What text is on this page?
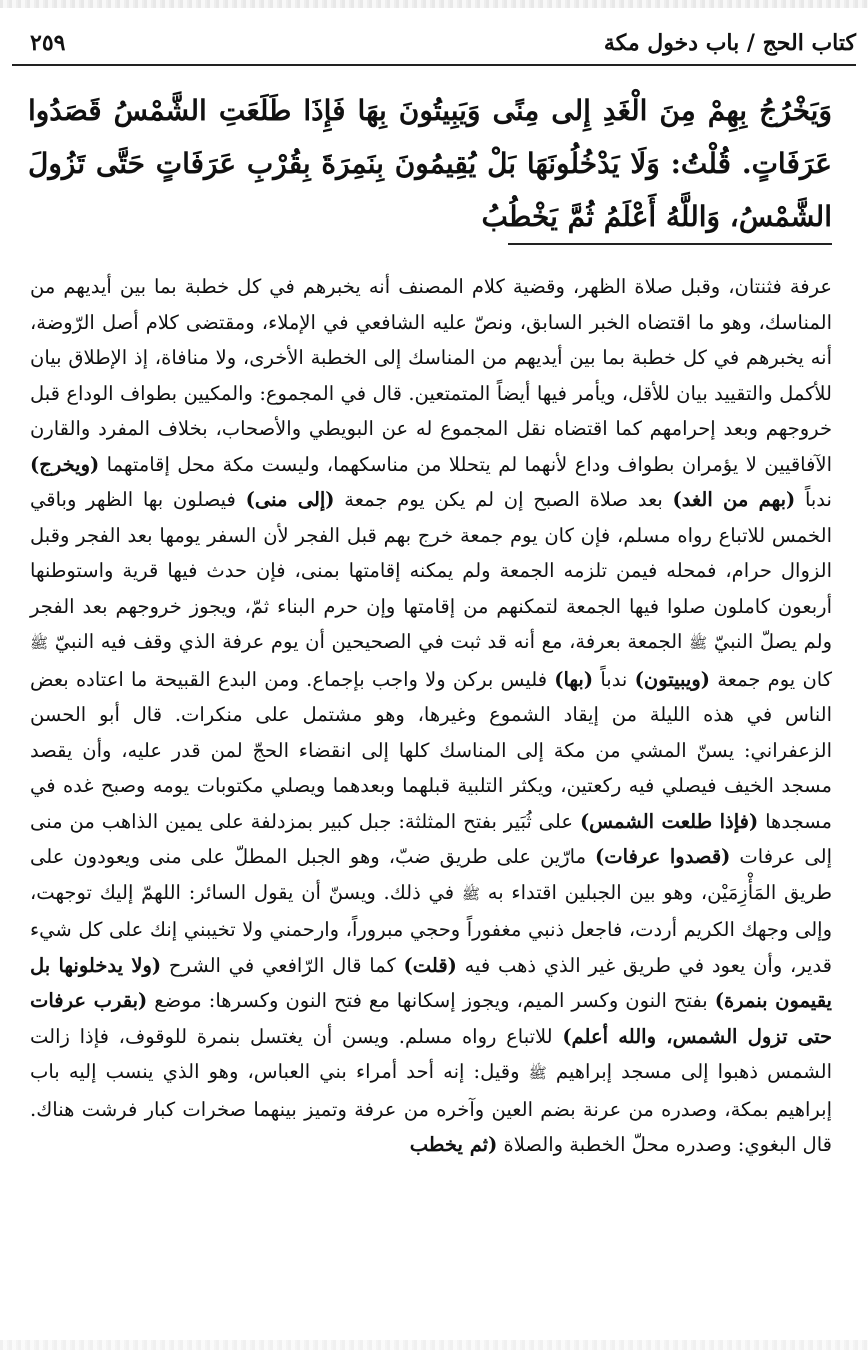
كتاب الحج / باب دخول مكة
٢٥٩
وَيَخْرُجُ بِهِمْ مِنَ الْغَدِ إِلى مِنًى وَيَبِيتُونَ بِهَا فَإِذَا طَلَعَتِ الشَّمْسُ قَصَدُوا عَرَفَاتٍ. قُلْتُ: وَلَا يَدْخُلُونَهَا بَلْ يُقِيمُونَ بِنَمِرَةَ بِقُرْبِ عَرَفَاتٍ حَتَّى تَزُولَ الشَّمْسُ، وَاللَّهُ أَعْلَمُ ثُمَّ يَخْطُبُ

عرفة فثنتان، وقبل صلاة الظهر، وقضية كلام المصنف أنه يخبرهم في كل خطبة بما بين أيديهم من المناسك، وهو ما اقتضاه الخبر السابق، ونصّ عليه الشافعي في الإملاء، ومقتضى كلام أصل الرّوضة، أنه يخبرهم في كل خطبة بما بين أيديهم من المناسك إلى الخطبة الأخرى، ولا منافاة، إذ الإطلاق بيان للأكمل والتقييد بيان للأقل، ويأمر فيها أيضاً المتمتعين. قال في المجموع: والمكيين بطواف الوداع قبل خروجهم وبعد إحرامهم كما اقتضاه نقل المجموع له عن البويطي والأصحاب، بخلاف المفرد والقارن الآفاقيين لا يؤمران بطواف وداع لأنهما لم يتحللا من مناسكهما، وليست مكة محل إقامتهما (ويخرج) ندباً (بهم من الغد) بعد صلاة الصبح إن لم يكن يوم جمعة (إلى منى) فيصلون بها الظهر وباقي الخمس للاتباع رواه مسلم، فإن كان يوم جمعة خرج بهم قبل الفجر لأن السفر يومها بعد الفجر وقبل الزوال حرام، فمحله فيمن تلزمه الجمعة ولم يمكنه إقامتها بمنى، فإن حدث فيها قرية واستوطنها أربعون كاملون صلوا فيها الجمعة لتمكنهم من إقامتها وإن حرم البناء ثمّ، ويجوز خروجهم بعد الفجر ولم يصلّ النبيّ ﷺ الجمعة بعرفة، مع أنه قد ثبت في الصحيحين أن يوم عرفة الذي وقف فيه النبيّ ﷺ كان يوم جمعة (ويبيتون) ندباً (بها) فليس بركن ولا واجب بإجماع. ومن البدع القبيحة ما اعتاده بعض الناس في هذه الليلة من إيقاد الشموع وغيرها، وهو مشتمل على منكرات. قال أبو الحسن الزعفراني: يسنّ المشي من مكة إلى المناسك كلها إلى انقضاء الحجّ لمن قدر عليه، وأن يقصد مسجد الخيف فيصلي فيه ركعتين، ويكثر التلبية قبلهما وبعدهما ويصلي مكتوبات يومه وصبح غده في مسجدها (فإذا طلعت الشمس) على ثُبَير بفتح المثلثة: جبل كبير بمزدلفة على يمين الذاهب من منى إلى عرفات (قصدوا عرفات) مارّين على طريق ضبّ، وهو الجبل المطلّ على منى ويعودون على طريق المَأْزِمَيْن، وهو بين الجبلين اقتداء به ﷺ في ذلك. ويسنّ أن يقول السائر: اللهمّ إليك توجهت، وإلى وجهك الكريم أردت، فاجعل ذنبي مغفوراً وحجي مبروراً، وارحمني ولا تخيبني إنك على كل شيء قدير، وأن يعود في طريق غير الذي ذهب فيه (قلت) كما قال الرّافعي في الشرح (ولا يدخلونها بل يقيمون بنمرة) بفتح النون وكسر الميم، ويجوز إسكانها مع فتح النون وكسرها: موضع (بقرب عرفات حتى تزول الشمس، والله أعلم) للاتباع رواه مسلم. ويسن أن يغتسل بنمرة للوقوف، فإذا زالت الشمس ذهبوا إلى مسجد إبراهيم ﷺ وقيل: إنه أحد أمراء بني العباس، وهو الذي ينسب إليه باب إبراهيم بمكة، وصدره من عرنة بضم العين وآخره من عرفة وتميز بينهما صخرات كبار فرشت هناك. قال البغوي: وصدره محلّ الخطبة والصلاة (ثم يخطب
